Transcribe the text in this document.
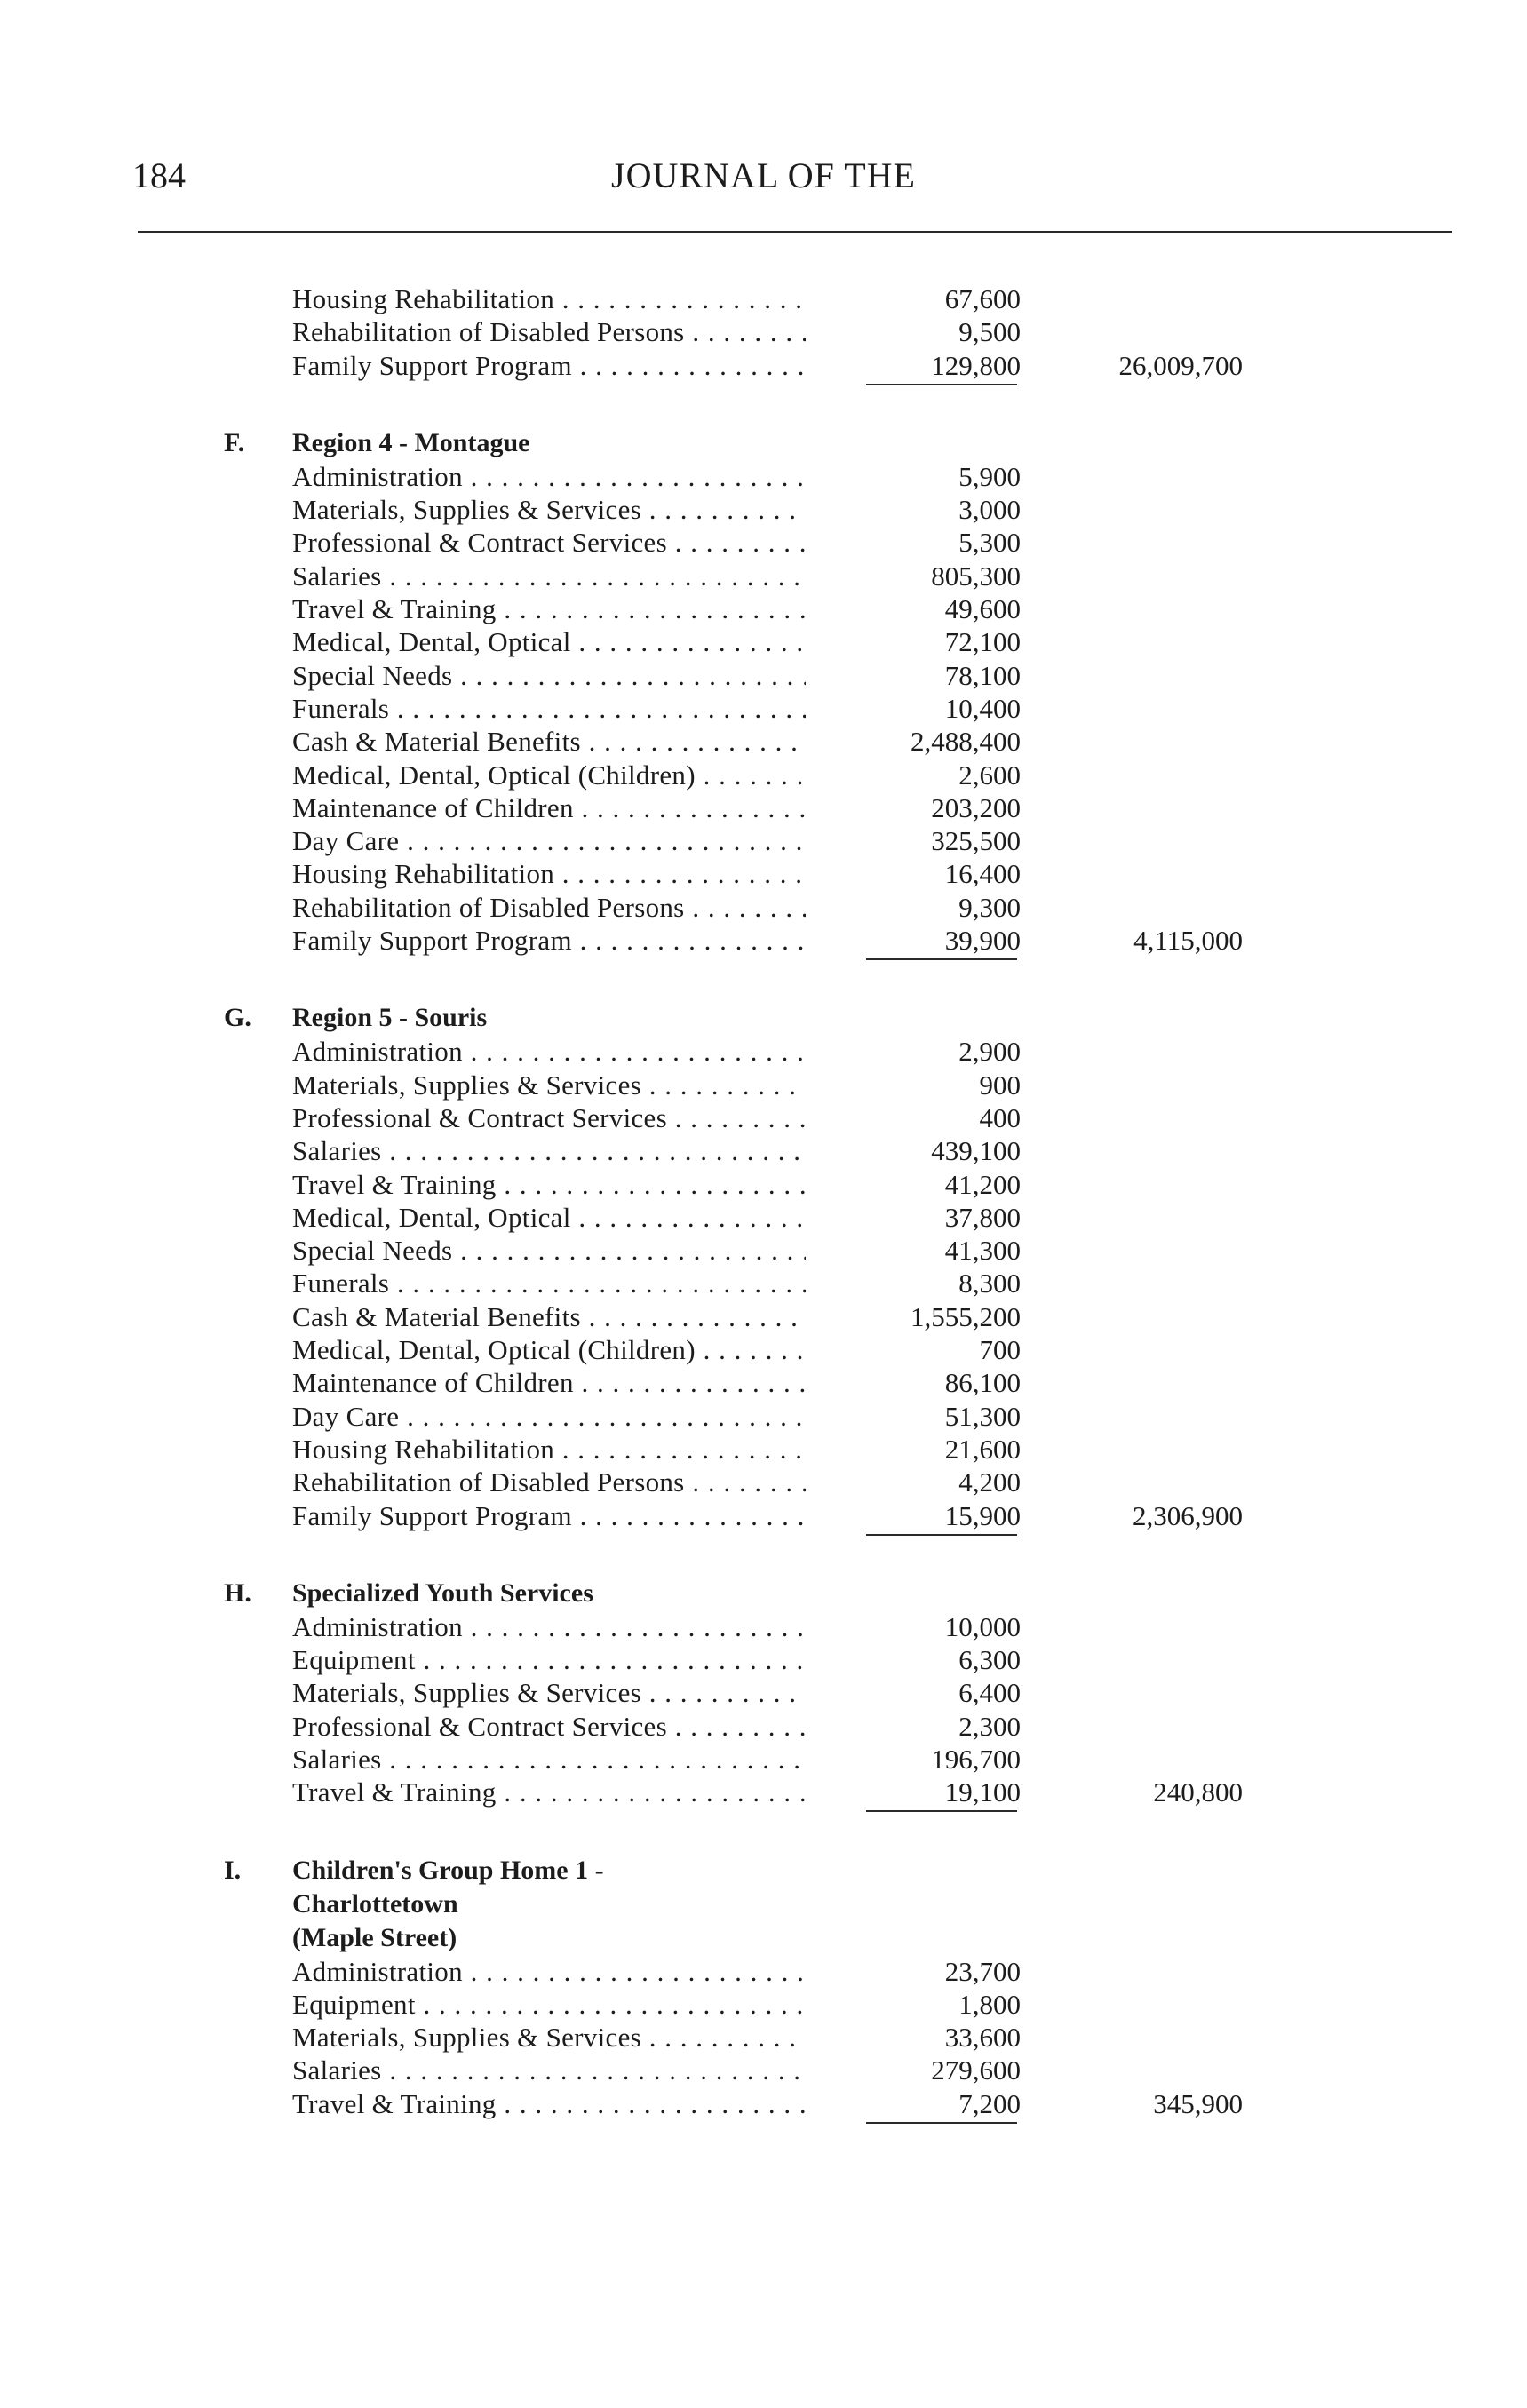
184	JOURNAL OF THE
Housing Rehabilitation . . .	67,600
Rehabilitation of Disabled Persons . . .	9,500
Family Support Program . . .	129,800	26,009,700
F. Region 4 - Montague
Administration . . .	5,900
Materials, Supplies & Services . . .	3,000
Professional & Contract Services . . .	5,300
Salaries . . .	805,300
Travel & Training . . .	49,600
Medical, Dental, Optical . . .	72,100
Special Needs . . .	78,100
Funerals . . .	10,400
Cash & Material Benefits . . .	2,488,400
Medical, Dental, Optical (Children) . . .	2,600
Maintenance of Children . . .	203,200
Day Care . . .	325,500
Housing Rehabilitation . . .	16,400
Rehabilitation of Disabled Persons . . .	9,300
Family Support Program . . .	39,900	4,115,000
G. Region 5 - Souris
Administration . . .	2,900
Materials, Supplies & Services . . .	900
Professional & Contract Services . . .	400
Salaries . . .	439,100
Travel & Training . . .	41,200
Medical, Dental, Optical . . .	37,800
Special Needs . . .	41,300
Funerals . . .	8,300
Cash & Material Benefits . . .	1,555,200
Medical, Dental, Optical (Children) . . .	700
Maintenance of Children . . .	86,100
Day Care . . .	51,300
Housing Rehabilitation . . .	21,600
Rehabilitation of Disabled Persons . . .	4,200
Family Support Program . . .	15,900	2,306,900
H. Specialized Youth Services
Administration . . .	10,000
Equipment . . .	6,300
Materials, Supplies & Services . . .	6,400
Professional & Contract Services . . .	2,300
Salaries . . .	196,700
Travel & Training . . .	19,100	240,800
I. Children's Group Home 1 -
Charlottetown
(Maple Street)
Administration . . .	23,700
Equipment . . .	1,800
Materials, Supplies & Services . . .	33,600
Salaries . . .	279,600
Travel & Training . . .	7,200	345,900
